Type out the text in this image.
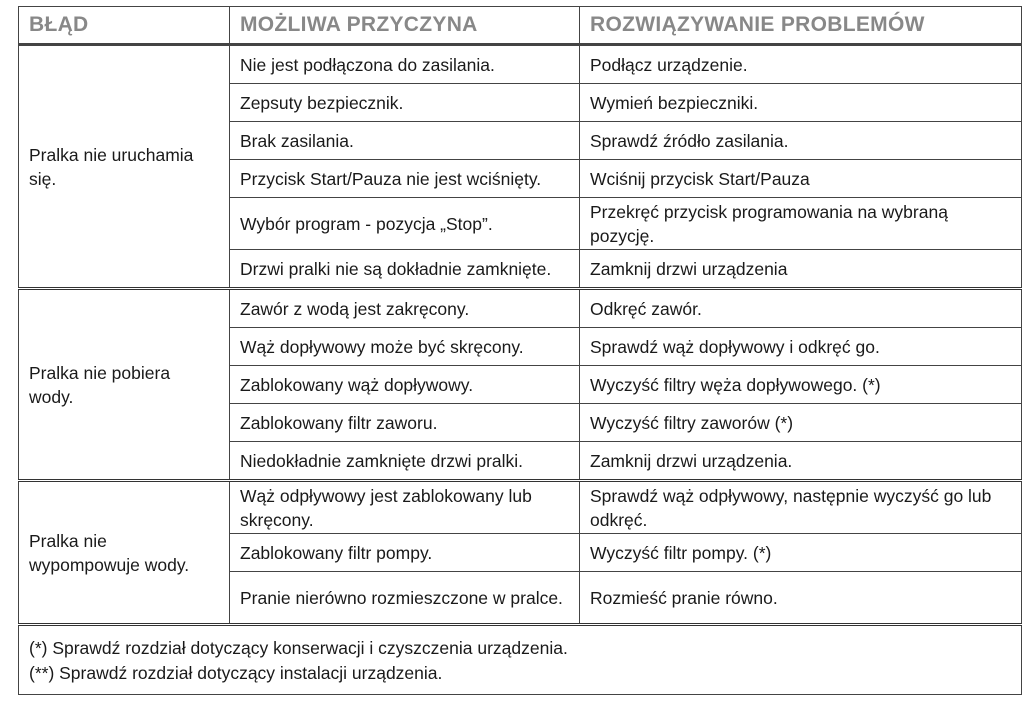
BŁĄD	MOŻLIWA PRZYCZYNA	ROZWIĄZYWANIE PROBLEMÓW
Pralka nie uruchamia się.	Nie jest podłączona do zasilania.	Podłącz urządzenie.
	Zepsuty bezpiecznik.	Wymień bezpieczniki.
	Brak zasilania.	Sprawdź źródło zasilania.
	Przycisk Start/Pauza nie jest wciśnięty.	Wciśnij przycisk Start/Pauza
	Wybór program - pozycja „Stop”.	Przekręć przycisk programowania na wybraną pozycję.
	Drzwi pralki nie są dokładnie zamknięte.	Zamknij drzwi urządzenia
Pralka nie pobiera wody.	Zawór z wodą jest zakręcony.	Odkręć zawór.
	Wąż dopływowy może być skręcony.	Sprawdź wąż dopływowy i odkręć go.
	Zablokowany wąż dopływowy.	Wyczyść filtry węża dopływowego. (*)
	Zablokowany filtr zaworu.	Wyczyść filtry zaworów (*)
	Niedokładnie zamknięte drzwi pralki.	Zamknij drzwi urządzenia.
Pralka nie wypompowuje wody.	Wąż odpływowy jest zablokowany lub skręcony.	Sprawdź wąż odpływowy, następnie wyczyść go lub odkręć.
	Zablokowany filtr pompy.	Wyczyść filtr pompy. (*)
	Pranie nierówno rozmieszczone w pralce.	Rozmieść pranie równo.

(*) Sprawdź rozdział dotyczący konserwacji i czyszczenia urządzenia.
(**) Sprawdź rozdział dotyczący instalacji urządzenia.		
